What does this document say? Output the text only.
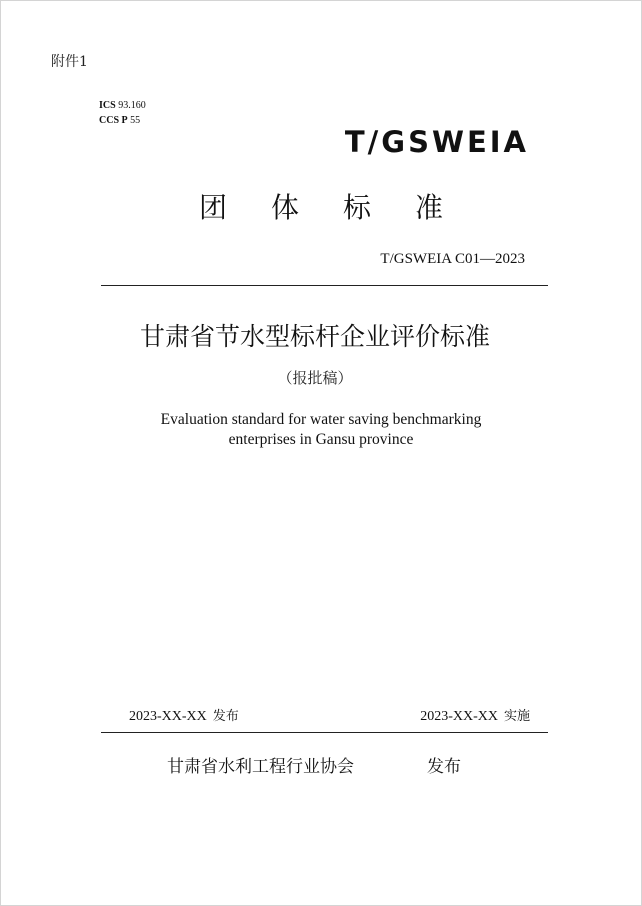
附件1
ICS 93.160
CCS P 55
T/GSWEIA
团 体 标 准
T/GSWEIA C01—2023
甘肃省节水型标杆企业评价标准
（报批稿）
Evaluation standard for water saving benchmarking
enterprises in Gansu province
2023-XX-XX 发布	2023-XX-XX 实施
甘肃省水利工程行业协会	发布
